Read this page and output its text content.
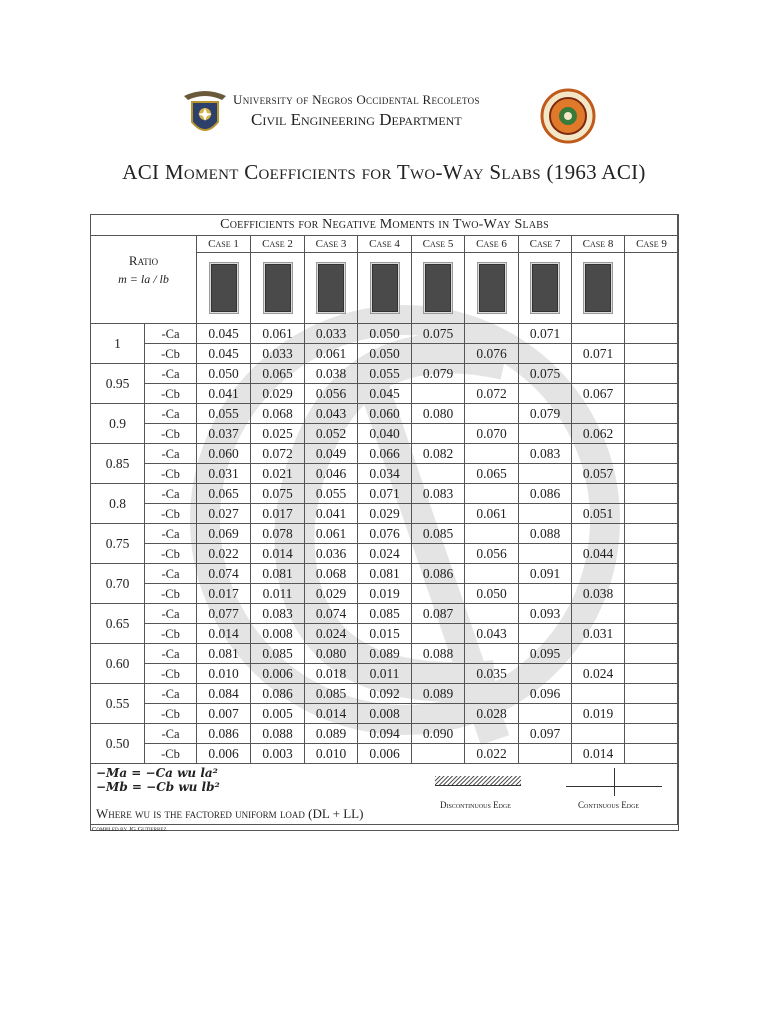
University of Negros Occidental Recoletos
Civil Engineering Department
ACI Moment Coefficients for Two-Way Slabs (1963 ACI)
Coefficients for Negative Moments in Two-Way Slabs										

Ratio
m = la / lb		Case 1	Case 2	Case 3	Case 4	Case 5	Case 6	Case 7	Case 8	Case 9

1	-Ca	0.045	0.061	0.033	0.050	0.075		0.071		
	-Cb	0.045	0.033	0.061	0.050		0.076		0.071	
0.95	-Ca	0.050	0.065	0.038	0.055	0.079		0.075		
	-Cb	0.041	0.029	0.056	0.045		0.072		0.067	
0.9	-Ca	0.055	0.068	0.043	0.060	0.080		0.079		
	-Cb	0.037	0.025	0.052	0.040		0.070		0.062	
0.85	-Ca	0.060	0.072	0.049	0.066	0.082		0.083		
	-Cb	0.031	0.021	0.046	0.034		0.065		0.057	
0.8	-Ca	0.065	0.075	0.055	0.071	0.083		0.086		
	-Cb	0.027	0.017	0.041	0.029		0.061		0.051	
0.75	-Ca	0.069	0.078	0.061	0.076	0.085		0.088		
	-Cb	0.022	0.014	0.036	0.024		0.056		0.044	
0.70	-Ca	0.074	0.081	0.068	0.081	0.086		0.091		
	-Cb	0.017	0.011	0.029	0.019		0.050		0.038	
0.65	-Ca	0.077	0.083	0.074	0.085	0.087		0.093		
	-Cb	0.014	0.008	0.024	0.015		0.043		0.031	
0.60	-Ca	0.081	0.085	0.080	0.089	0.088		0.095		
	-Cb	0.010	0.006	0.018	0.011		0.035		0.024	
0.55	-Ca	0.084	0.086	0.085	0.092	0.089		0.096		
	-Cb	0.007	0.005	0.014	0.008		0.028		0.019	
0.50	-Ca	0.086	0.088	0.089	0.094	0.090		0.097		
	-Cb	0.006	0.003	0.010	0.006		0.022		0.014	

−Ma = −Ca wu la²
−Mb = −Cb wu lb²
Where wu is the factored uniform load (DL + LL)
Discontinuous Edge	Continuous Edge
Compiled by JG Gutierrez
